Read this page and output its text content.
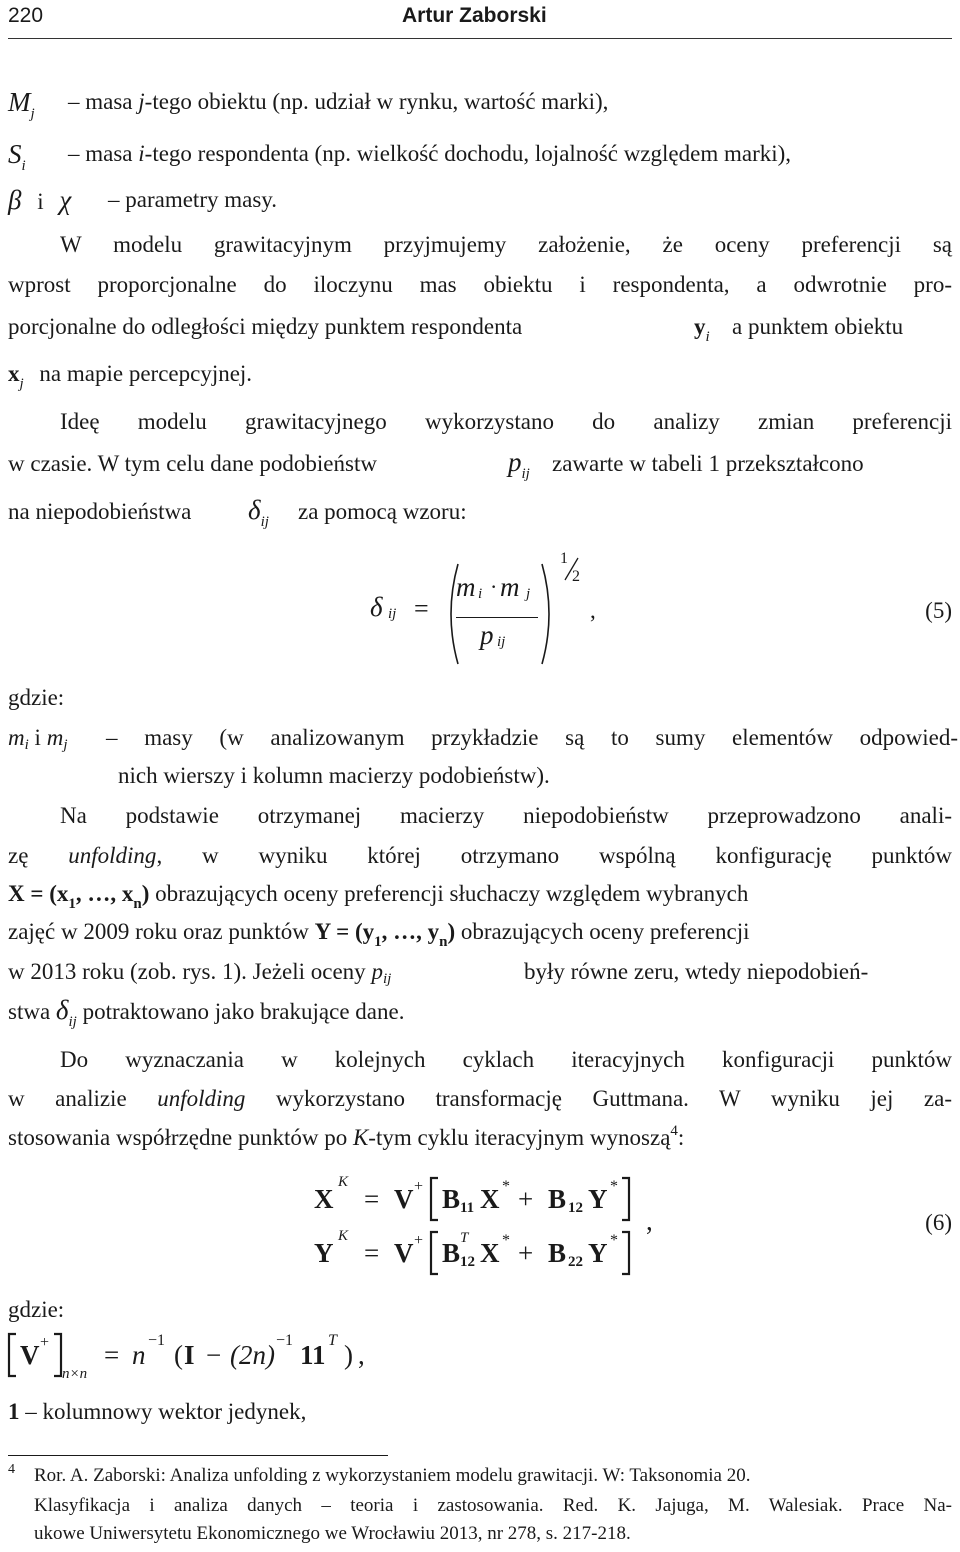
220	Artur Zaborski
$M_j$ – masa j-tego obiektu (np. udział w rynku, wartość marki),
$S_i$ – masa i-tego respondenta (np. wielkość dochodu, lojalność względem marki),
β i χ – parametry masy.
W modelu grawitacyjnym przyjmujemy założenie, że oceny preferencji są
wprost proporcjonalne do iloczynu mas obiektu i respondenta, a odwrotnie pro-
porcjonalne do odległości między punktem respondenta	$y_i$ a punktem obiektu
$x_j$ na mapie percepcyjnej.
Ideę modelu grawitacyjnego wykorzystano do analizy zmian preferencji
w czasie. W tym celu dane podobieństw	$p_{ij}$ zawarte w tabeli 1 przekształcono
na niepodobieństwa $\delta_{ij}$ za pomocą wzoru:
δ ij =
m i · m j
p ij
1
2
,	(5)
gdzie:
mi i mj – masy (w analizowanym przykładzie są to sumy elementów odpowied-
nich wierszy i kolumn macierzy podobieństw).
Na podstawie otrzymanej macierzy niepodobieństw przeprowadzono anali-
zę unfolding, w wyniku której otrzymano wspólną konfigurację punktów
$X = (x_1$, …, $x_n$) obrazujących oceny preferencji słuchaczy względem wybranych
zajęć w 2009 roku oraz punktów $Y = (y_1$, …, $y_n$) obrazujących oceny preferencji
w 2013 roku (zob. rys. 1). Jeżeli oceny pij	były równe zeru, wtedy niepodobień-
stwa $\delta_{ij}$ potraktowano jako brakujące dane.
Do wyznaczania w kolejnych cyklach iteracyjnych konfiguracji punktów
w analizie unfolding wykorzystano transformację Guttmana. W wyniku jej za-
stosowania współrzędne punktów po K-tym cyklu iteracyjnym wynoszą$^4$:
X
K
= V + B 11 X * + B 12 Y *
,
Y
K
= V + B T
12 X * + B 22 Y *
(6)
gdzie:
V +
n×n
= n −1 ( I − (2n) −1 11 T ) ,
1 – kolumnowy wektor jedynek,
4 Ror. A. Zaborski: Analiza unfolding z wykorzystaniem modelu grawitacji. W: Taksonomia 20.
Klasyfikacja i analiza danych – teoria i zastosowania. Red. K. Jajuga, M. Walesiak. Prace Na-
ukowe Uniwersytetu Ekonomicznego we Wrocławiu 2013, nr 278, s. 217-218.
